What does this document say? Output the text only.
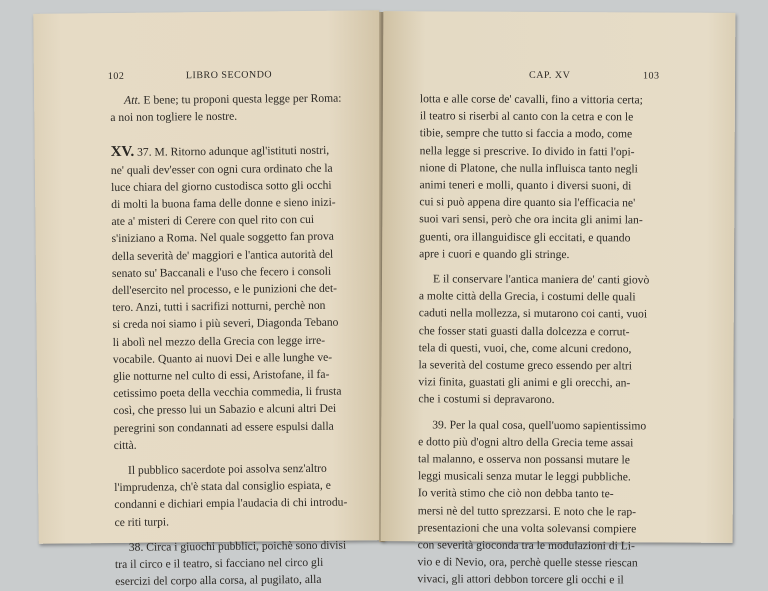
102	LIBRO SECONDO

Att. E bene; tu proponi questa legge per Roma:

a noi non togliere le nostre.

XV. 37. M. Ritorno adunque agl'istituti nostri,

ne' quali dev'esser con ogni cura ordinato che la

luce chiara del giorno custodisca sotto gli occhi

di molti la buona fama delle donne e sieno inizi-

ate a' misteri di Cerere con quel rito con cui

s'iniziano a Roma. Nel quale soggetto fan prova

della severità de' maggiori e l'antica autorità del

senato su' Baccanali e l'uso che fecero i consoli

dell'esercito nel processo, e le punizioni che det-

tero. Anzi, tutti i sacrifizi notturni, perchè non

si creda noi siamo i più severi, Diagonda Tebano

li abolì nel mezzo della Grecia con legge irre-

vocabile. Quanto ai nuovi Dei e alle lunghe ve-

glie notturne nel culto di essi, Aristofane, il fa-

cetissimo poeta della vecchia commedia, li frusta

così, che presso lui un Sabazio e alcuni altri Dei

peregrini son condannati ad essere espulsi dalla

città.

Il pubblico sacerdote poi assolva senz'altro

l'imprudenza, ch'è stata dal consiglio espiata, e

condanni e dichiari empia l'audacia di chi introdu-

ce riti turpi.

38. Circa i giuochi pubblici, poichè sono divisi

tra il circo e il teatro, si facciano nel circo gli

esercizi del corpo alla corsa, al pugilato, alla

CAP. XV	103

lotta e alle corse de' cavalli, fino a vittoria certa;

il teatro si riserbi al canto con la cetra e con le

tibie, sempre che tutto si faccia a modo, come

nella legge si prescrive. Io divido in fatti l'opi-

nione di Platone, che nulla influisca tanto negli

animi teneri e molli, quanto i diversi suoni, di

cui si può appena dire quanto sia l'efficacia ne'

suoi vari sensi, però che ora incita gli animi lan-

guenti, ora illanguidisce gli eccitati, e quando

apre i cuori e quando gli stringe.

E il conservare l'antica maniera de' canti giovò

a molte città della Grecia, i costumi delle quali

caduti nella mollezza, si mutarono coi canti, vuoi

che fosser stati guasti dalla dolcezza e corrut-

tela di questi, vuoi, che, come alcuni credono,

la severità del costume greco essendo per altri

vizi finita, guastati gli animi e gli orecchi, an-

che i costumi si depravarono.

39. Per la qual cosa, quell'uomo sapientissimo

e dotto più d'ogni altro della Grecia teme assai

tal malanno, e osserva non possansi mutare le

leggi musicali senza mutar le leggi pubbliche.

Io verità stimo che ciò non debba tanto te-

mersi nè del tutto sprezzarsi. E noto che le rap-

presentazioni che una volta solevansi compiere

con severità gioconda tra le modulazioni di Li-

vio e di Nevio, ora, perchè quelle stesse riescan

vivaci, gli attori debbon torcere gli occhi e il
